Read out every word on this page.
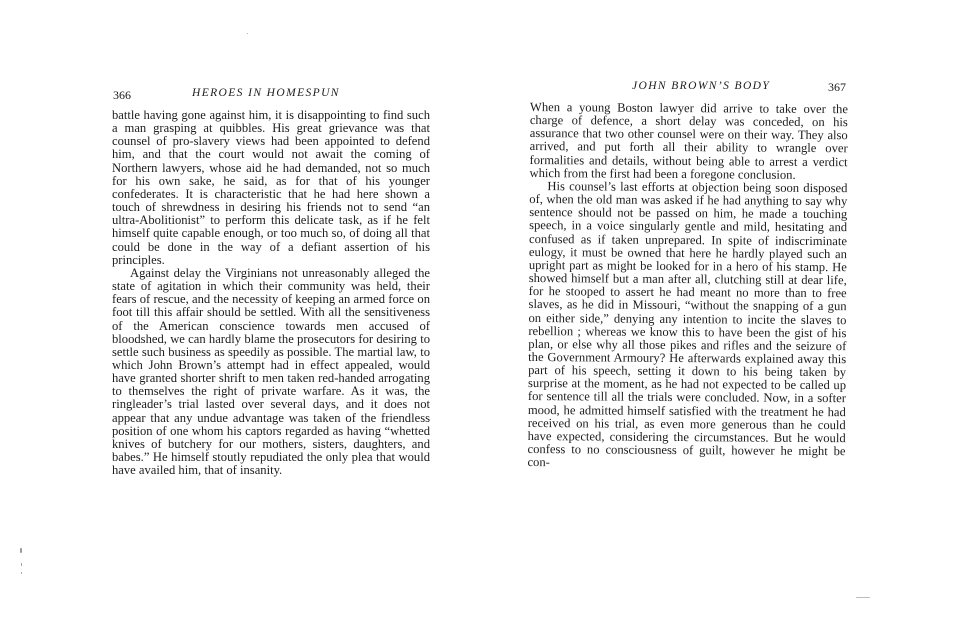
366	HEROES IN HOMESPUN

battle having gone against him, it is disappointing to find such a man grasping at quibbles. His great grievance was that counsel of pro-slavery views had been appointed to defend him, and that the court would not await the coming of Northern lawyers, whose aid he had demanded, not so much for his own sake, he said, as for that of his younger confederates. It is characteristic that he had here shown a touch of shrewdness in desiring his friends not to send “an ultra-Abolitionist” to perform this delicate task, as if he felt himself quite capable enough, or too much so, of doing all that could be done in the way of a defiant assertion of his principles.

Against delay the Virginians not unreasonably alleged the state of agitation in which their community was held, their fears of rescue, and the necessity of keeping an armed force on foot till this affair should be settled. With all the sensitiveness of the American conscience towards men accused of bloodshed, we can hardly blame the prosecutors for desiring to settle such business as speedily as possible. The martial law, to which John Brown’s attempt had in effect appealed, would have granted shorter shrift to men taken red-handed arrogating to themselves the right of private warfare. As it was, the ringleader’s trial lasted over several days, and it does not appear that any undue advantage was taken of the friendless position of one whom his captors regarded as having “whetted knives of butchery for our mothers, sisters, daughters, and babes.” He himself stoutly repudiated the only plea that would have availed him, that of insanity.

JOHN BROWN’S BODY	367

When a young Boston lawyer did arrive to take over the charge of defence, a short delay was conceded, on his assurance that two other counsel were on their way. They also arrived, and put forth all their ability to wrangle over formalities and details, without being able to arrest a verdict which from the first had been a foregone conclusion.

His counsel’s last efforts at objection being soon disposed of, when the old man was asked if he had anything to say why sentence should not be passed on him, he made a touching speech, in a voice singularly gentle and mild, hesitating and confused as if taken unprepared. In spite of indiscriminate eulogy, it must be owned that here he hardly played such an upright part as might be looked for in a hero of his stamp. He showed himself but a man after all, clutching still at dear life, for he stooped to assert he had meant no more than to free slaves, as he did in Missouri, “without the snapping of a gun on either side,” denying any intention to incite the slaves to rebellion ; whereas we know this to have been the gist of his plan, or else why all those pikes and rifles and the seizure of the Government Armoury? He afterwards explained away this part of his speech, setting it down to his being taken by surprise at the moment, as he had not expected to be called up for sentence till all the trials were concluded. Now, in a softer mood, he admitted himself satisfied with the treatment he had received on his trial, as even more generous than he could have expected, considering the circumstances. But he would confess to no consciousness of guilt, however he might be con-
